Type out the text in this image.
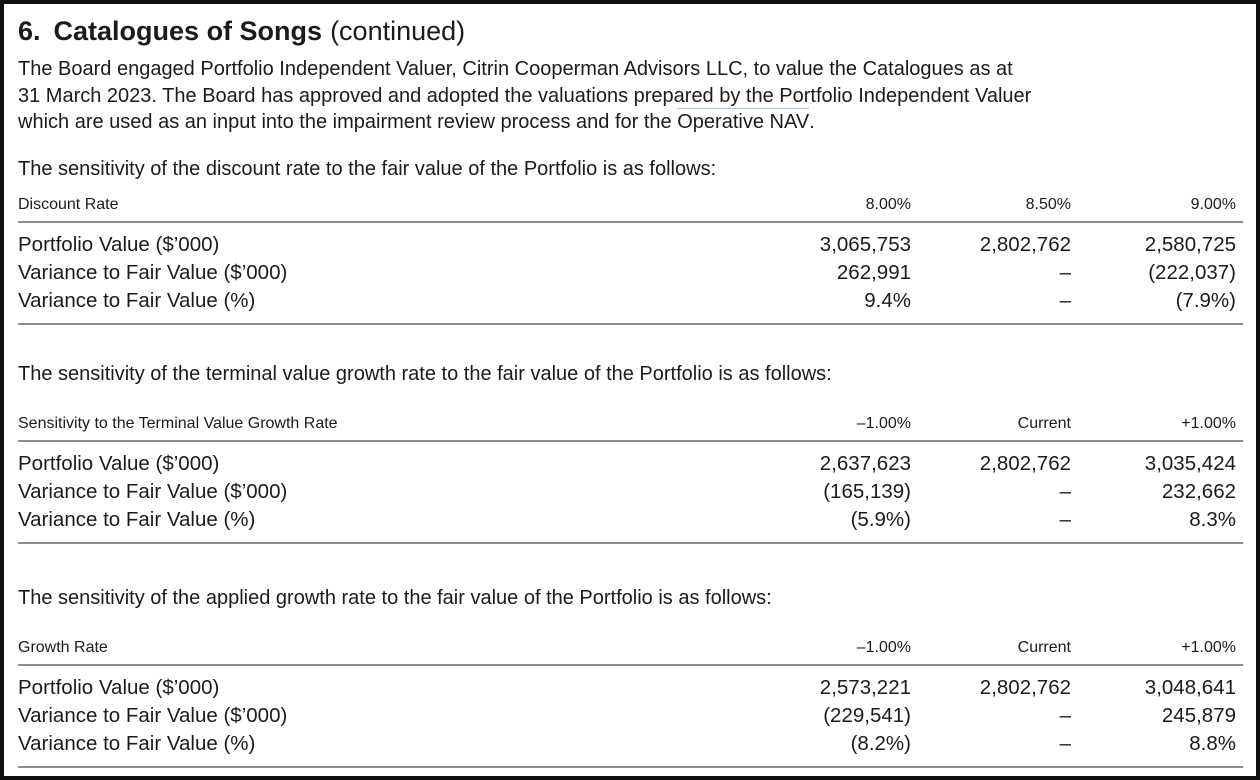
6. Catalogues of Songs (continued)

The Board engaged Portfolio Independent Valuer, Citrin Cooperman Advisors LLC, to value the Catalogues as at
31 March 2023. The Board has approved and adopted the valuations prepared by the Portfolio Independent Valuer
which are used as an input into the impairment review process and for the Operative NAV.

The sensitivity of the discount rate to the fair value of the Portfolio is as follows:

Discount Rate	8.00%	8.50%	9.00%
Portfolio Value ($’000)	3,065,753	2,802,762	2,580,725
Variance to Fair Value ($’000)	262,991	–	(222,037)
Variance to Fair Value (%)	9.4%	–	(7.9%)

The sensitivity of the terminal value growth rate to the fair value of the Portfolio is as follows:

Sensitivity to the Terminal Value Growth Rate	–1.00%	Current	+1.00%
Portfolio Value ($’000)	2,637,623	2,802,762	3,035,424
Variance to Fair Value ($’000)	(165,139)	–	232,662
Variance to Fair Value (%)	(5.9%)	–	8.3%

The sensitivity of the applied growth rate to the fair value of the Portfolio is as follows:

Growth Rate	–1.00%	Current	+1.00%
Portfolio Value ($’000)	2,573,221	2,802,762	3,048,641
Variance to Fair Value ($’000)	(229,541)	–	245,879
Variance to Fair Value (%)	(8.2%)	–	8.8%
